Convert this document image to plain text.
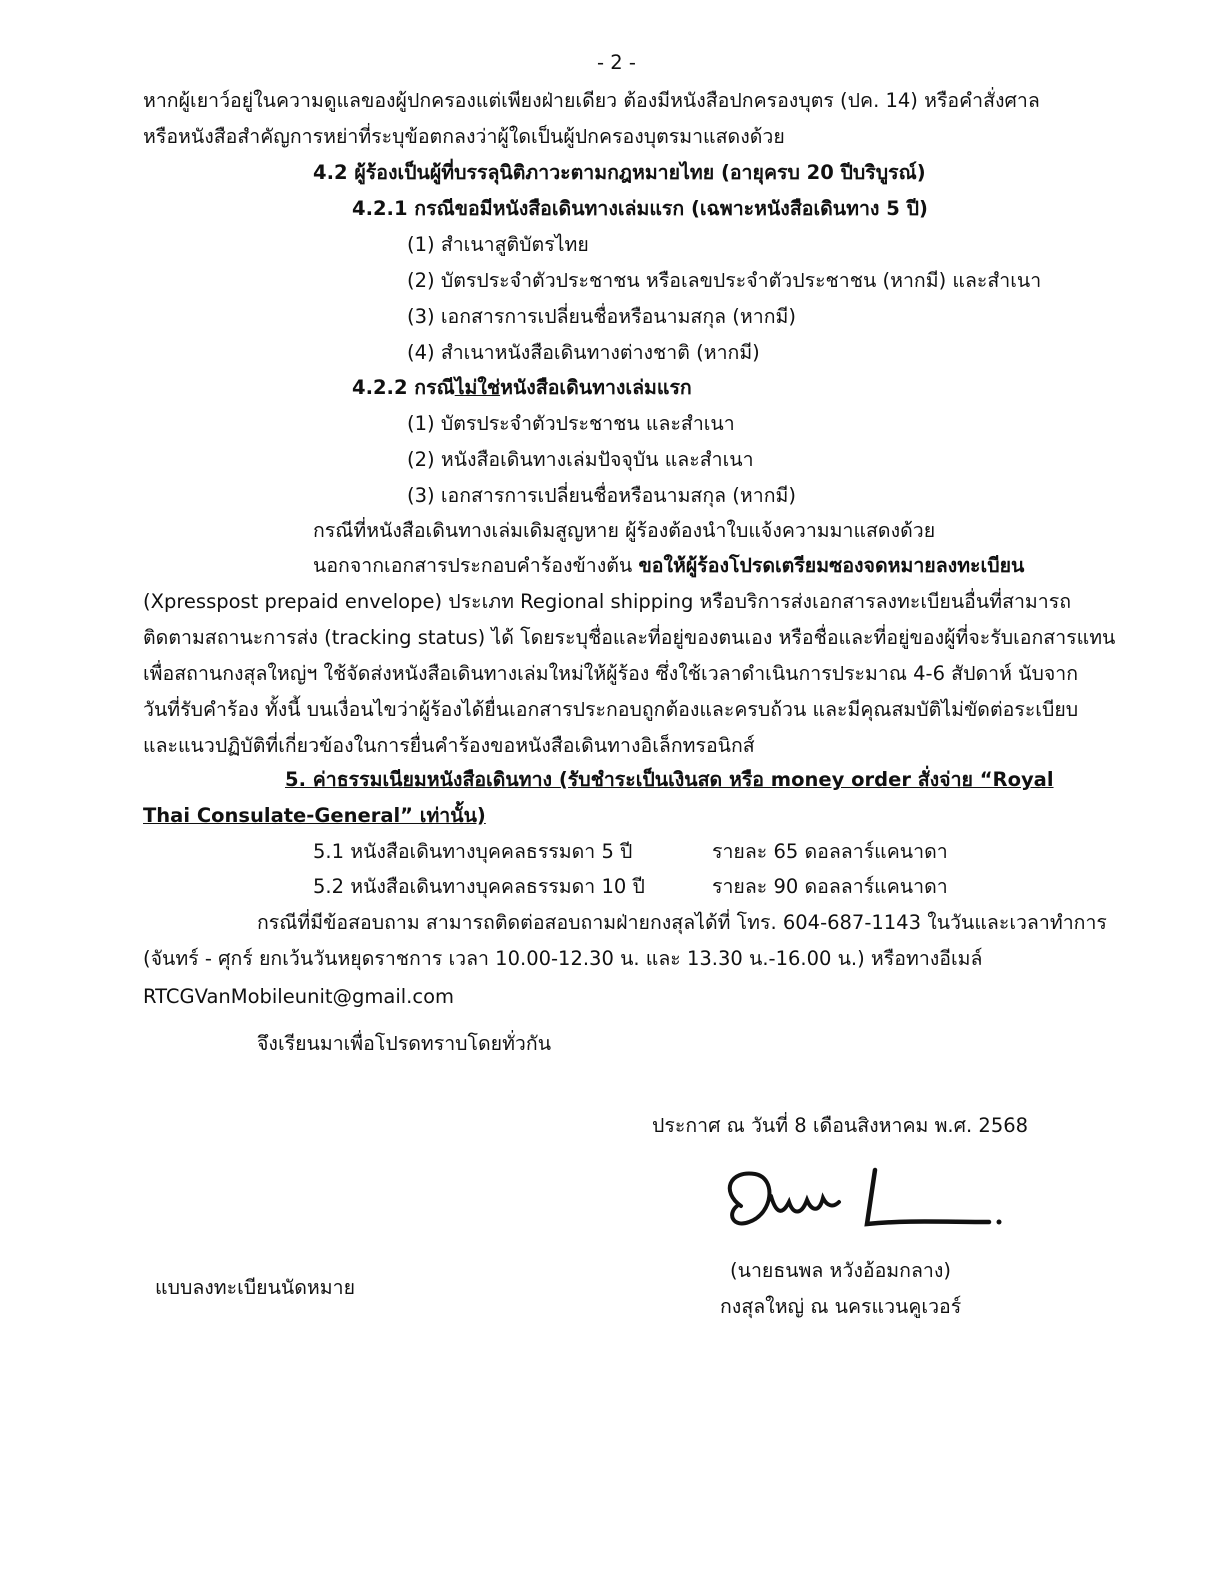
- 2 -
หากผู้เยาว์อยู่ในความดูแลของผู้ปกครองแต่เพียงฝ่ายเดียว ต้องมีหนังสือปกครองบุตร (ปค. 14) หรือคำสั่งศาล
หรือหนังสือสำคัญการหย่าที่ระบุข้อตกลงว่าผู้ใดเป็นผู้ปกครองบุตรมาแสดงด้วย
4.2 ผู้ร้องเป็นผู้ที่บรรลุนิติภาวะตามกฎหมายไทย (อายุครบ 20 ปีบริบูรณ์)
4.2.1 กรณีขอมีหนังสือเดินทางเล่มแรก (เฉพาะหนังสือเดินทาง 5 ปี)
(1) สำเนาสูติบัตรไทย
(2) บัตรประจำตัวประชาชน หรือเลขประจำตัวประชาชน (หากมี) และสำเนา
(3) เอกสารการเปลี่ยนชื่อหรือนามสกุล (หากมี)
(4) สำเนาหนังสือเดินทางต่างชาติ (หากมี)
4.2.2 กรณีไม่ใช่หนังสือเดินทางเล่มแรก
(1) บัตรประจำตัวประชาชน และสำเนา
(2) หนังสือเดินทางเล่มปัจจุบัน และสำเนา
(3) เอกสารการเปลี่ยนชื่อหรือนามสกุล (หากมี)
กรณีที่หนังสือเดินทางเล่มเดิมสูญหาย ผู้ร้องต้องนำใบแจ้งความมาแสดงด้วย
นอกจากเอกสารประกอบคำร้องข้างต้น ขอให้ผู้ร้องโปรดเตรียมซองจดหมายลงทะเบียน
(Xpresspost prepaid envelope) ประเภท Regional shipping หรือบริการส่งเอกสารลงทะเบียนอื่นที่สามารถ
ติดตามสถานะการส่ง (tracking status) ได้ โดยระบุชื่อและที่อยู่ของตนเอง หรือชื่อและที่อยู่ของผู้ที่จะรับเอกสารแทน
เพื่อสถานกงสุลใหญ่ฯ ใช้จัดส่งหนังสือเดินทางเล่มใหม่ให้ผู้ร้อง ซึ่งใช้เวลาดำเนินการประมาณ 4-6 สัปดาห์ นับจาก
วันที่รับคำร้อง ทั้งนี้ บนเงื่อนไขว่าผู้ร้องได้ยื่นเอกสารประกอบถูกต้องและครบถ้วน และมีคุณสมบัติไม่ขัดต่อระเบียบ
และแนวปฏิบัติที่เกี่ยวข้องในการยื่นคำร้องขอหนังสือเดินทางอิเล็กทรอนิกส์
5. ค่าธรรมเนียมหนังสือเดินทาง (รับชำระเป็นเงินสด หรือ money order สั่งจ่าย “Royal
Thai Consulate-General” เท่านั้น)
5.1 หนังสือเดินทางบุคคลธรรมดา 5 ปี	รายละ 65 ดอลลาร์แคนาดา
5.2 หนังสือเดินทางบุคคลธรรมดา 10 ปี	รายละ 90 ดอลลาร์แคนาดา
กรณีที่มีข้อสอบถาม สามารถติดต่อสอบถามฝ่ายกงสุลได้ที่ โทร. 604-687-1143 ในวันและเวลาทำการ
(จันทร์ - ศุกร์ ยกเว้นวันหยุดราชการ เวลา 10.00-12.30 น. และ 13.30 น.-16.00 น.) หรือทางอีเมล์
RTCGVanMobileunit@gmail.com
จึงเรียนมาเพื่อโปรดทราบโดยทั่วกัน
ประกาศ ณ วันที่ 8 เดือนสิงหาคม พ.ศ. 2568
(นายธนพล หวังอ้อมกลาง)
แบบลงทะเบียนนัดหมาย
กงสุลใหญ่ ณ นครแวนคูเวอร์
